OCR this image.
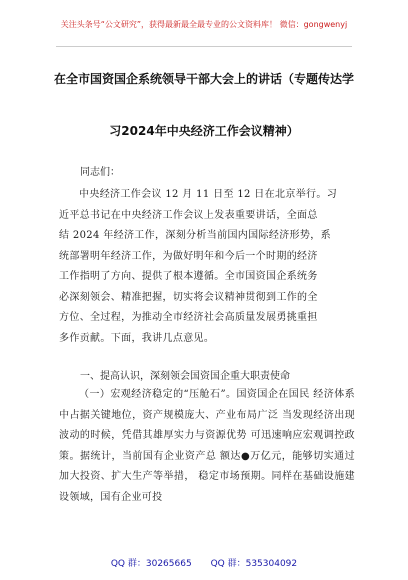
关注头条号“公文研究”，获得最新最全最专业的公文资料库！ 微信：gongwenyj
在全市国资国企系统领导干部大会上的讲话（专题传达学
习2024年中央经济工作会议精神）
同志们：
中央经济工作会议 12 月 11 日至 12 日在北京举行。习
近平总书记在中央经济工作会议上发表重要讲话，全面总
结 2024 年经济工作，深刻分析当前国内国际经济形势，系
统部署明年经济工作，为做好明年和今后一个时期的经济
工作指明了方向、提供了根本遵循。全市国资国企系统务
必深刻领会、精准把握，切实将会议精神贯彻到工作的全
方位、全过程，为推动全市经济社会高质量发展勇挑重担
多作贡献。下面，我讲几点意见。
一、提高认识，深刻领会国资国企重大职责使命
（一）宏观经济稳定的“压舱石”。国资国企在国民 经济体系中占据关键地位，资产规模庞大、产业布局广泛 当发现经济出现波动的时候，凭借其雄厚实力与资源优势 可迅速响应宏观调控政策。据统计，当前国有企业资产总 额达●万亿元，能够切实通过加大投资、扩大生产等举措， 稳定市场预期。同样在基础设施建设领域，国有企业可投
QQ 群：30265665 QQ 群：535304092
